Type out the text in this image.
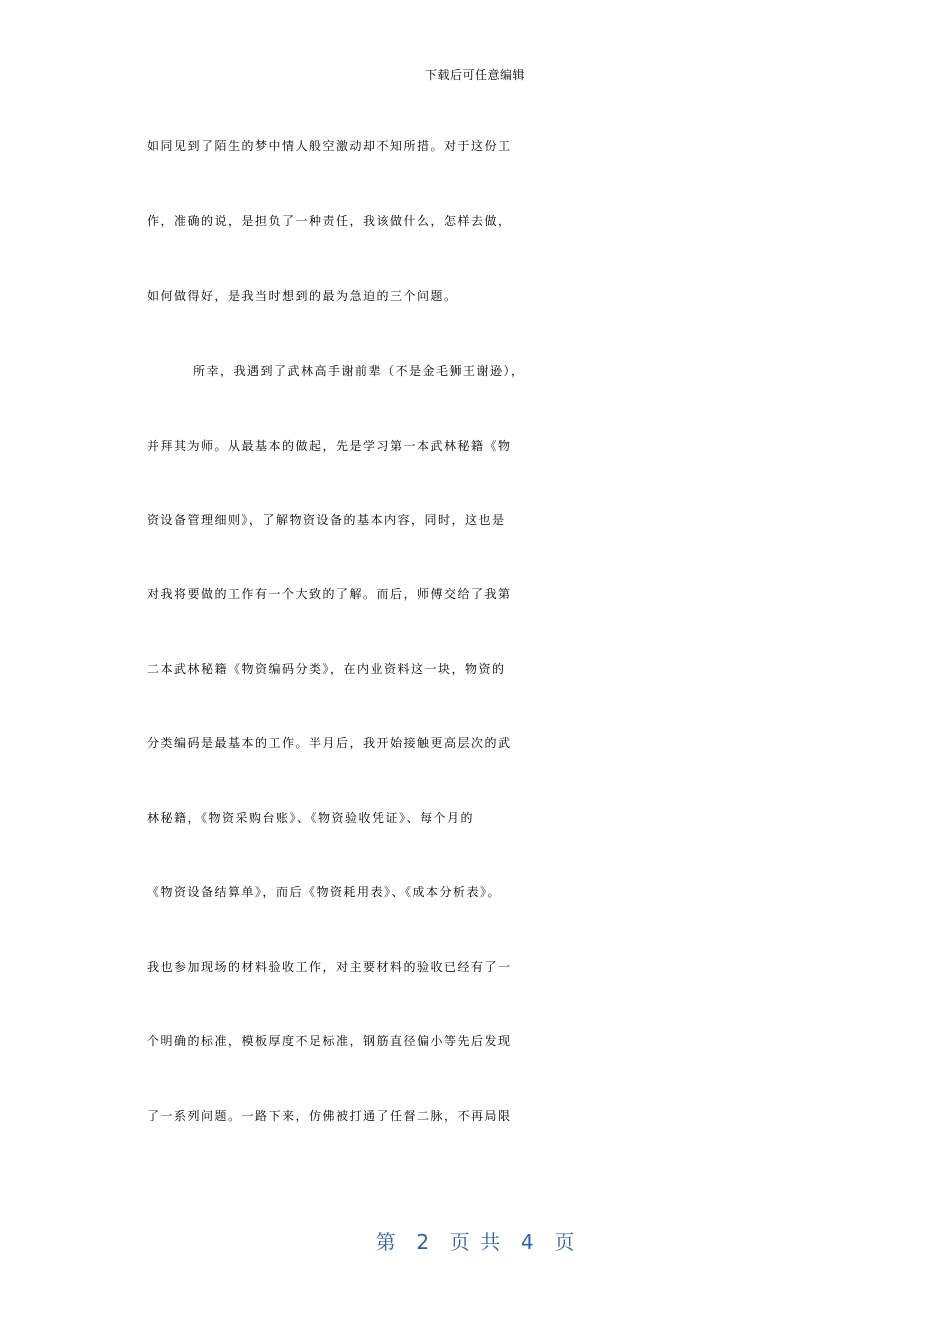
下载后可任意编辑
如同见到了陌生的梦中情人般空激动却不知所措。对于这份工
作，准确的说，是担负了一种责任，我该做什么，怎样去做，
如何做得好，是我当时想到的最为急迫的三个问题。
所幸，我遇到了武林高手谢前辈（不是金毛狮王谢逊），
并拜其为师。从最基本的做起，先是学习第一本武林秘籍《物
资设备管理细则》，了解物资设备的基本内容，同时，这也是
对我将要做的工作有一个大致的了解。而后，师傅交给了我第
二本武林秘籍《物资编码分类》，在内业资料这一块，物资的
分类编码是最基本的工作。半月后，我开始接触更高层次的武
林秘籍，《物资采购台账》、《物资验收凭证》、每个月的
《物资设备结算单》，而后《物资耗用表》、《成本分析表》。
我也参加现场的材料验收工作，对主要材料的验收已经有了一
个明确的标准，模板厚度不足标准，钢筋直径偏小等先后发现
了一系列问题。一路下来，仿佛被打通了任督二脉，不再局限
第  2  页 共  4  页
